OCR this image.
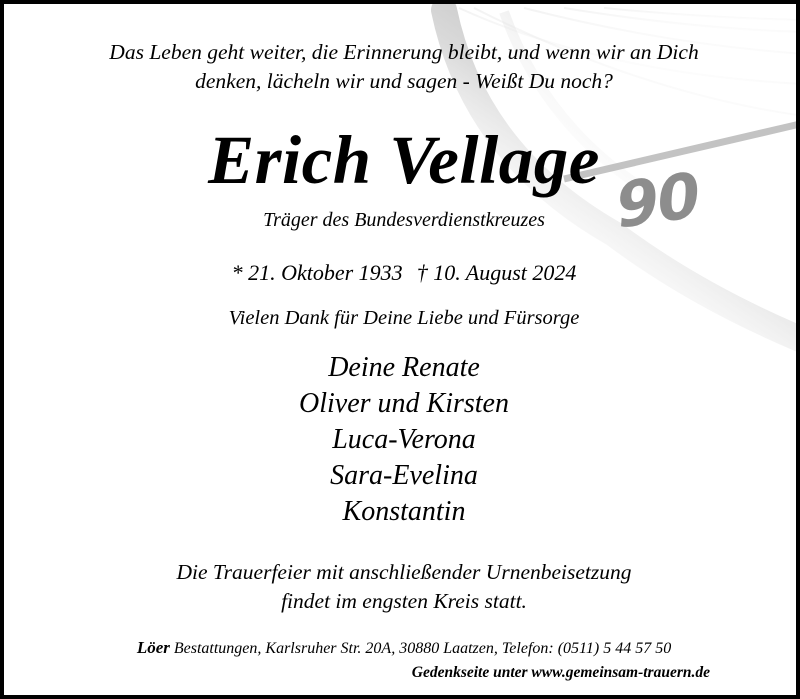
90
Das Leben geht weiter, die Erinnerung bleibt, und wenn wir an Dich
denken, lächeln wir und sagen - Weißt Du noch?
Erich Vellage
Träger des Bundesverdienstkreuzes
* 21. Oktober 1933 † 10. August 2024
Vielen Dank für Deine Liebe und Fürsorge
Deine Renate
Oliver und Kirsten
Luca-Verona
Sara-Evelina
Konstantin
Die Trauerfeier mit anschließender Urnenbeisetzung
findet im engsten Kreis statt.
Löer Bestattungen, Karlsruher Str. 20A, 30880 Laatzen, Telefon: (0511) 5 44 57 50
Gedenkseite unter www.gemeinsam-trauern.de
